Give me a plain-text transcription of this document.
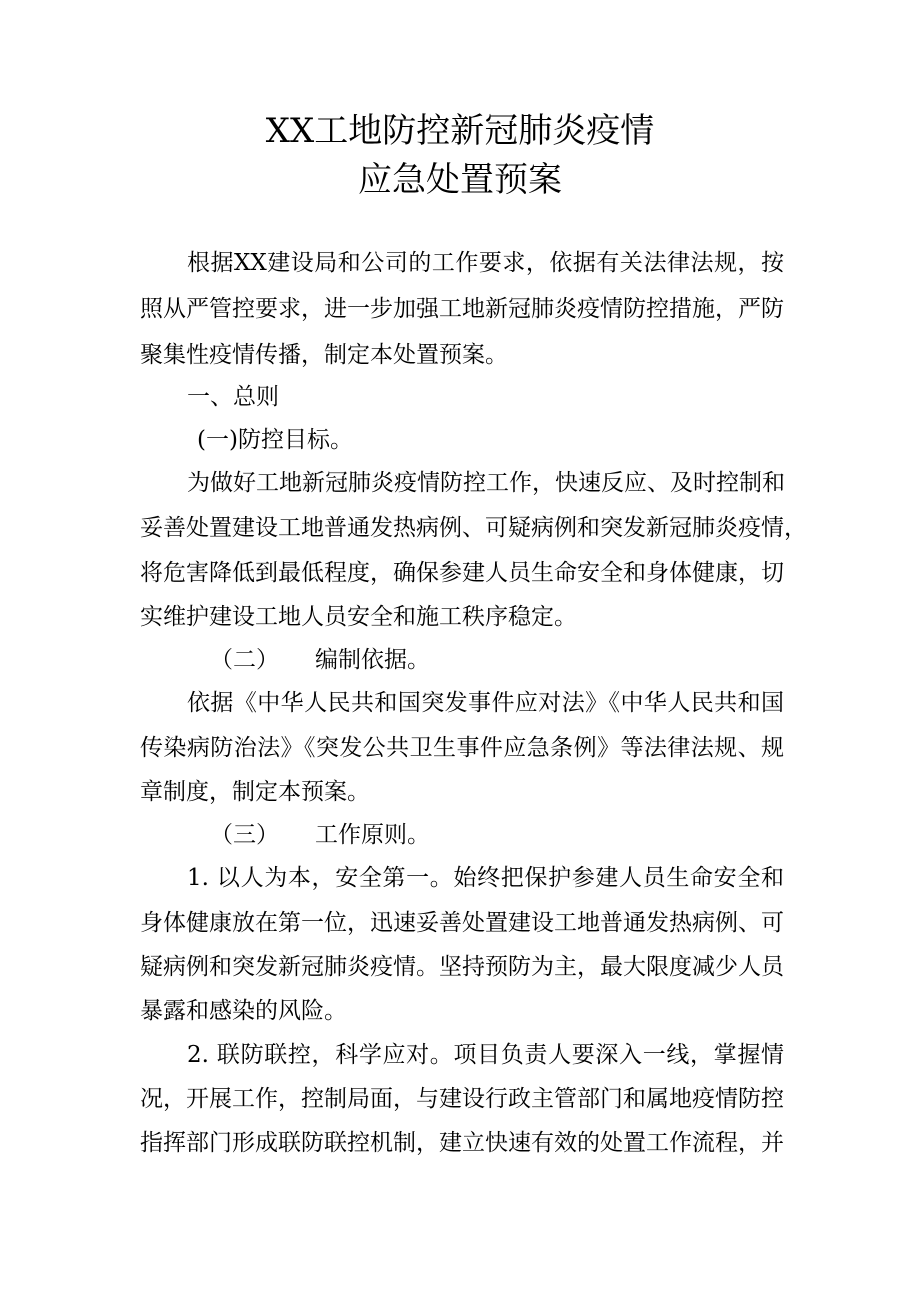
XX工地防控新冠肺炎疫情
应急处置预案

根据XX建设局和公司的工作要求，依据有关法律法规，按

照从严管控要求，进一步加强工地新冠肺炎疫情防控措施，严防

聚集性疫情传播，制定本处置预案。

一、总则

(一)防控目标。

为做好工地新冠肺炎疫情防控工作，快速反应、及时控制和

妥善处置建设工地普通发热病例、可疑病例和突发新冠肺炎疫情，

将危害降低到最低程度，确保参建人员生命安全和身体健康，切

实维护建设工地人员安全和施工秩序稳定。

（二） 编制依据。

依据《中华人民共和国突发事件应对法》《中华人民共和国

传染病防治法》《突发公共卫生事件应急条例》等法律法规、规

章制度，制定本预案。

（三） 工作原则。

1. 以人为本，安全第一。始终把保护参建人员生命安全和

身体健康放在第一位，迅速妥善处置建设工地普通发热病例、可

疑病例和突发新冠肺炎疫情。坚持预防为主，最大限度减少人员

暴露和感染的风险。

2. 联防联控，科学应对。项目负责人要深入一线，掌握情

况，开展工作，控制局面，与建设行政主管部门和属地疫情防控

指挥部门形成联防联控机制，建立快速有效的处置工作流程，并
